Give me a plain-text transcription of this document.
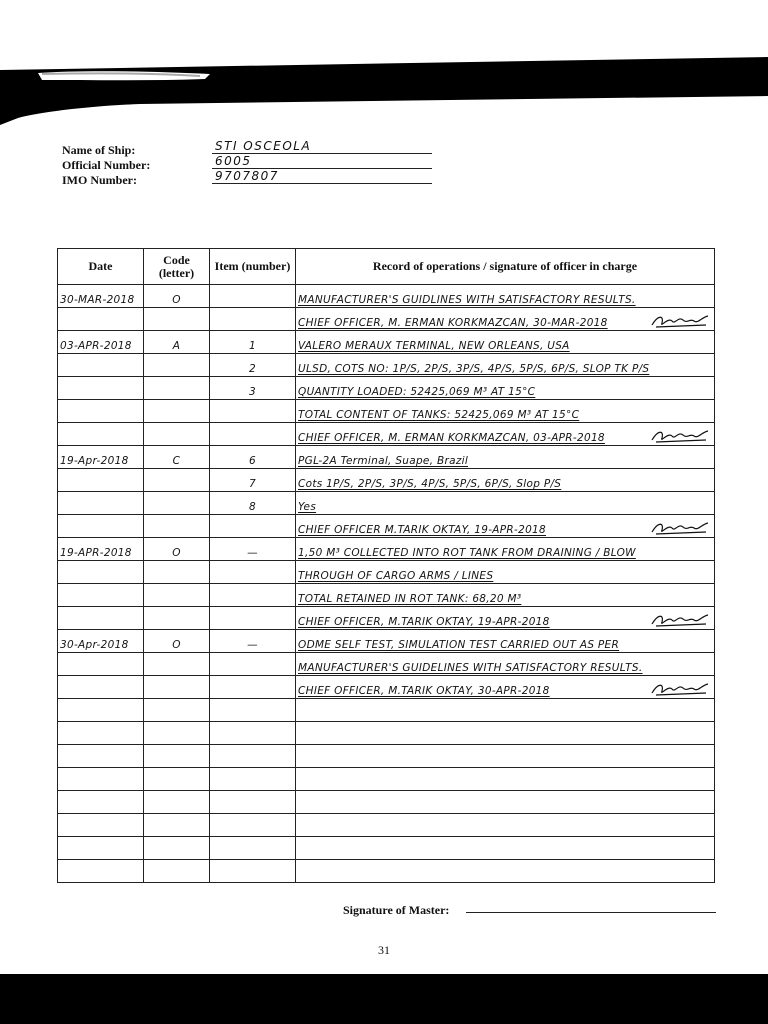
Name of Ship:	STI OSCEOLA
Official Number:	6005
IMO Number:	9707807
Date	Code (letter)	Item (number)	Record of operations / signature of officer in charge
30-MAR-2018	O		MANUFACTURER'S GUIDLINES WITH SATISFACTORY RESULTS.
			CHIEF OFFICER, M. ERMAN KORKMAZCAN, 30-MAR-2018

03-APR-2018	A	1	VALERO MERAUX TERMINAL, NEW ORLEANS, USA
		2	ULSD, COTS NO: 1P/S, 2P/S, 3P/S, 4P/S, 5P/S, 6P/S, SLOP TK P/S
		3	QUANTITY LOADED: 52425,069 M³ AT 15°C
			TOTAL CONTENT OF TANKS: 52425,069 M³ AT 15°C
			CHIEF OFFICER, M. ERMAN KORKMAZCAN, 03-APR-2018

19-Apr-2018	C	6	PGL-2A Terminal, Suape, Brazil
		7	Cots 1P/S, 2P/S, 3P/S, 4P/S, 5P/S, 6P/S, Slop P/S
		8	Yes
			CHIEF OFFICER M.TARIK OKTAY, 19-APR-2018

19-APR-2018	O	—	1,50 M³ COLLECTED INTO ROT TANK FROM DRAINING / BLOW
			THROUGH OF CARGO ARMS / LINES
			TOTAL RETAINED IN ROT TANK: 68,20 M³
			CHIEF OFFICER, M.TARIK OKTAY, 19-APR-2018

30-Apr-2018	O	—	ODME SELF TEST, SIMULATION TEST CARRIED OUT AS PER
			MANUFACTURER'S GUIDELINES WITH SATISFACTORY RESULTS.
			CHIEF OFFICER, M.TARIK OKTAY, 30-APR-2018

31
Signature of Master:
